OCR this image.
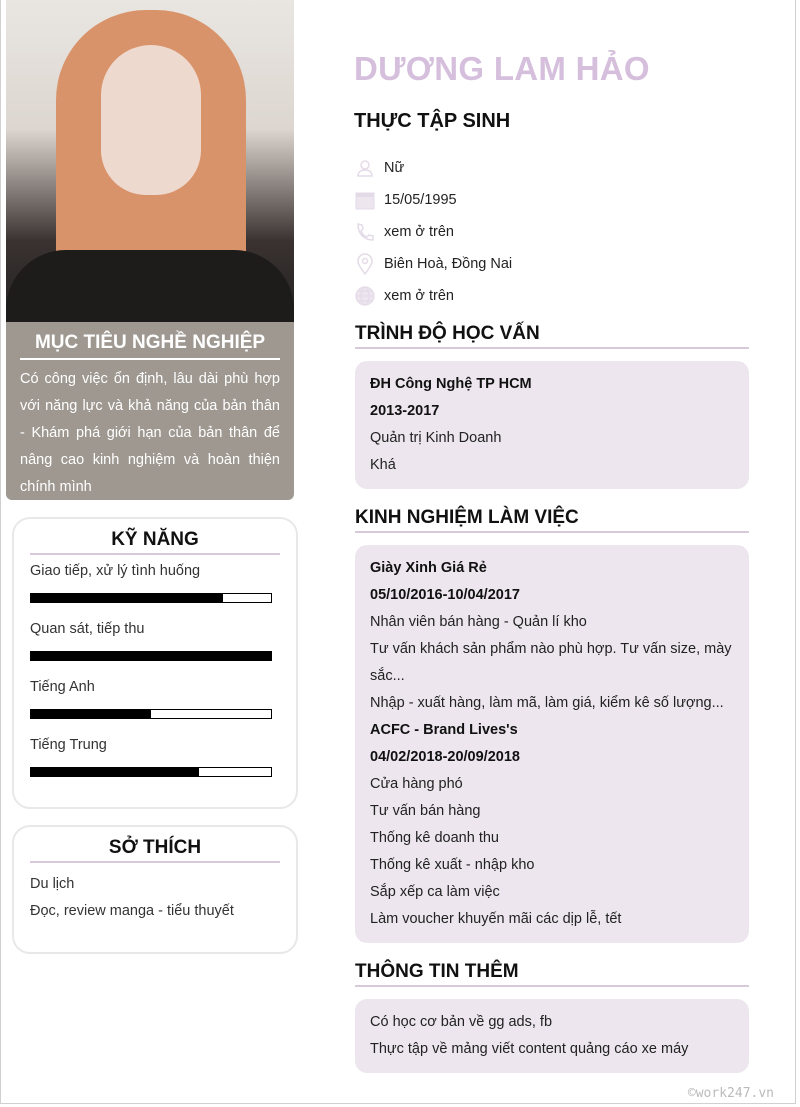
MỤC TIÊU NGHỀ NGHIỆP

Có công việc ổn định, lâu dài phù hợp với năng lực và khả năng của bản thân - Khám phá giới hạn của bản thân để nâng cao kinh nghiệm và hoàn thiện chính mình

KỸ NĂNG
Giao tiếp, xử lý tình huống
Quan sát, tiếp thu
Tiếng Anh
Tiếng Trung
SỞ THÍCH
Du lịch
Đọc, review manga - tiểu thuyết
DƯƠNG LAM HẢO
THỰC TẬP SINH
Nữ
15/05/1995
xem ở trên
Biên Hoà, Đồng Nai
xem ở trên
TRÌNH ĐỘ HỌC VẤN
ĐH Công Nghệ TP HCM
2013-2017
Quản trị Kinh Doanh
Khá
KINH NGHIỆM LÀM VIỆC
Giày Xinh Giá Rẻ
05/10/2016-10/04/2017
Nhân viên bán hàng - Quản lí kho
Tư vấn khách sản phẩm nào phù hợp. Tư vấn size, mày sắc...
Nhập - xuất hàng, làm mã, làm giá, kiểm kê số lượng...
ACFC - Brand Lives's
04/02/2018-20/09/2018
Cửa hàng phó
Tư vấn bán hàng
Thống kê doanh thu
Thống kê xuất - nhập kho
Sắp xếp ca làm việc
Làm voucher khuyến mãi các dịp lễ, tết
THÔNG TIN THÊM
Có học cơ bản về gg ads, fb
Thực tập về mảng viết content quảng cáo xe máy
©work247.vn
